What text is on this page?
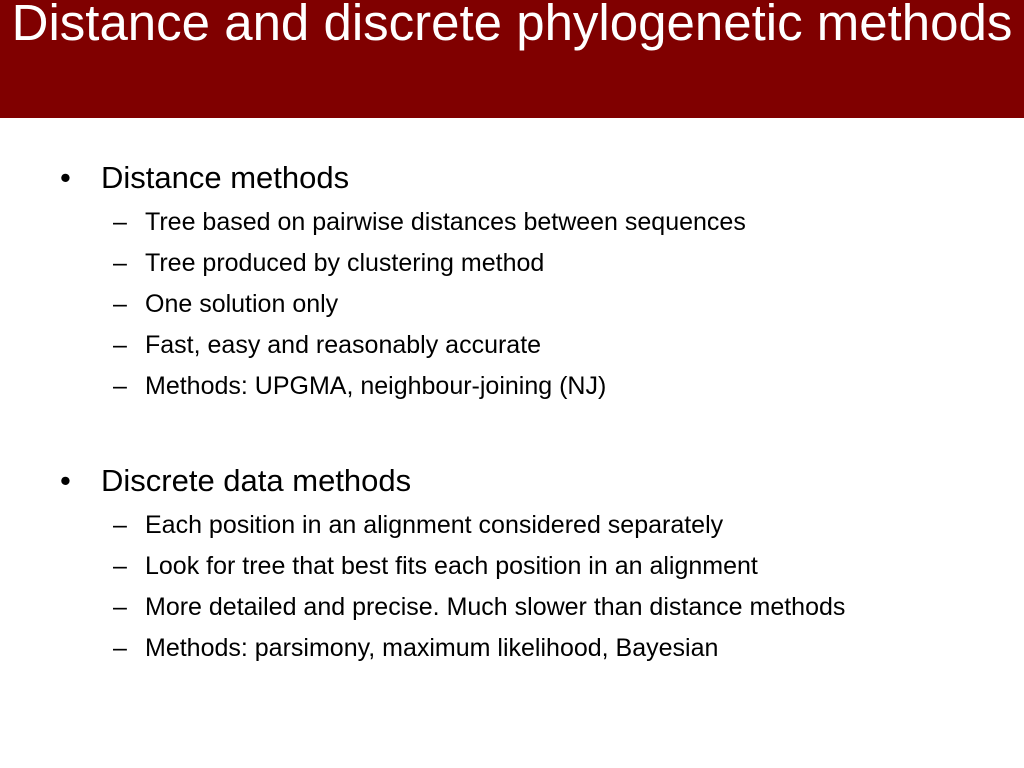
Distance and discrete phylogenetic methods
• Distance methods
– Tree based on pairwise distances between sequences
– Tree produced by clustering method
– One solution only
– Fast, easy and reasonably accurate
– Methods: UPGMA, neighbour-joining (NJ)
• Discrete data methods
– Each position in an alignment considered separately
– Look for tree that best fits each position in an alignment
– More detailed and precise. Much slower than distance methods
– Methods: parsimony, maximum likelihood, Bayesian
